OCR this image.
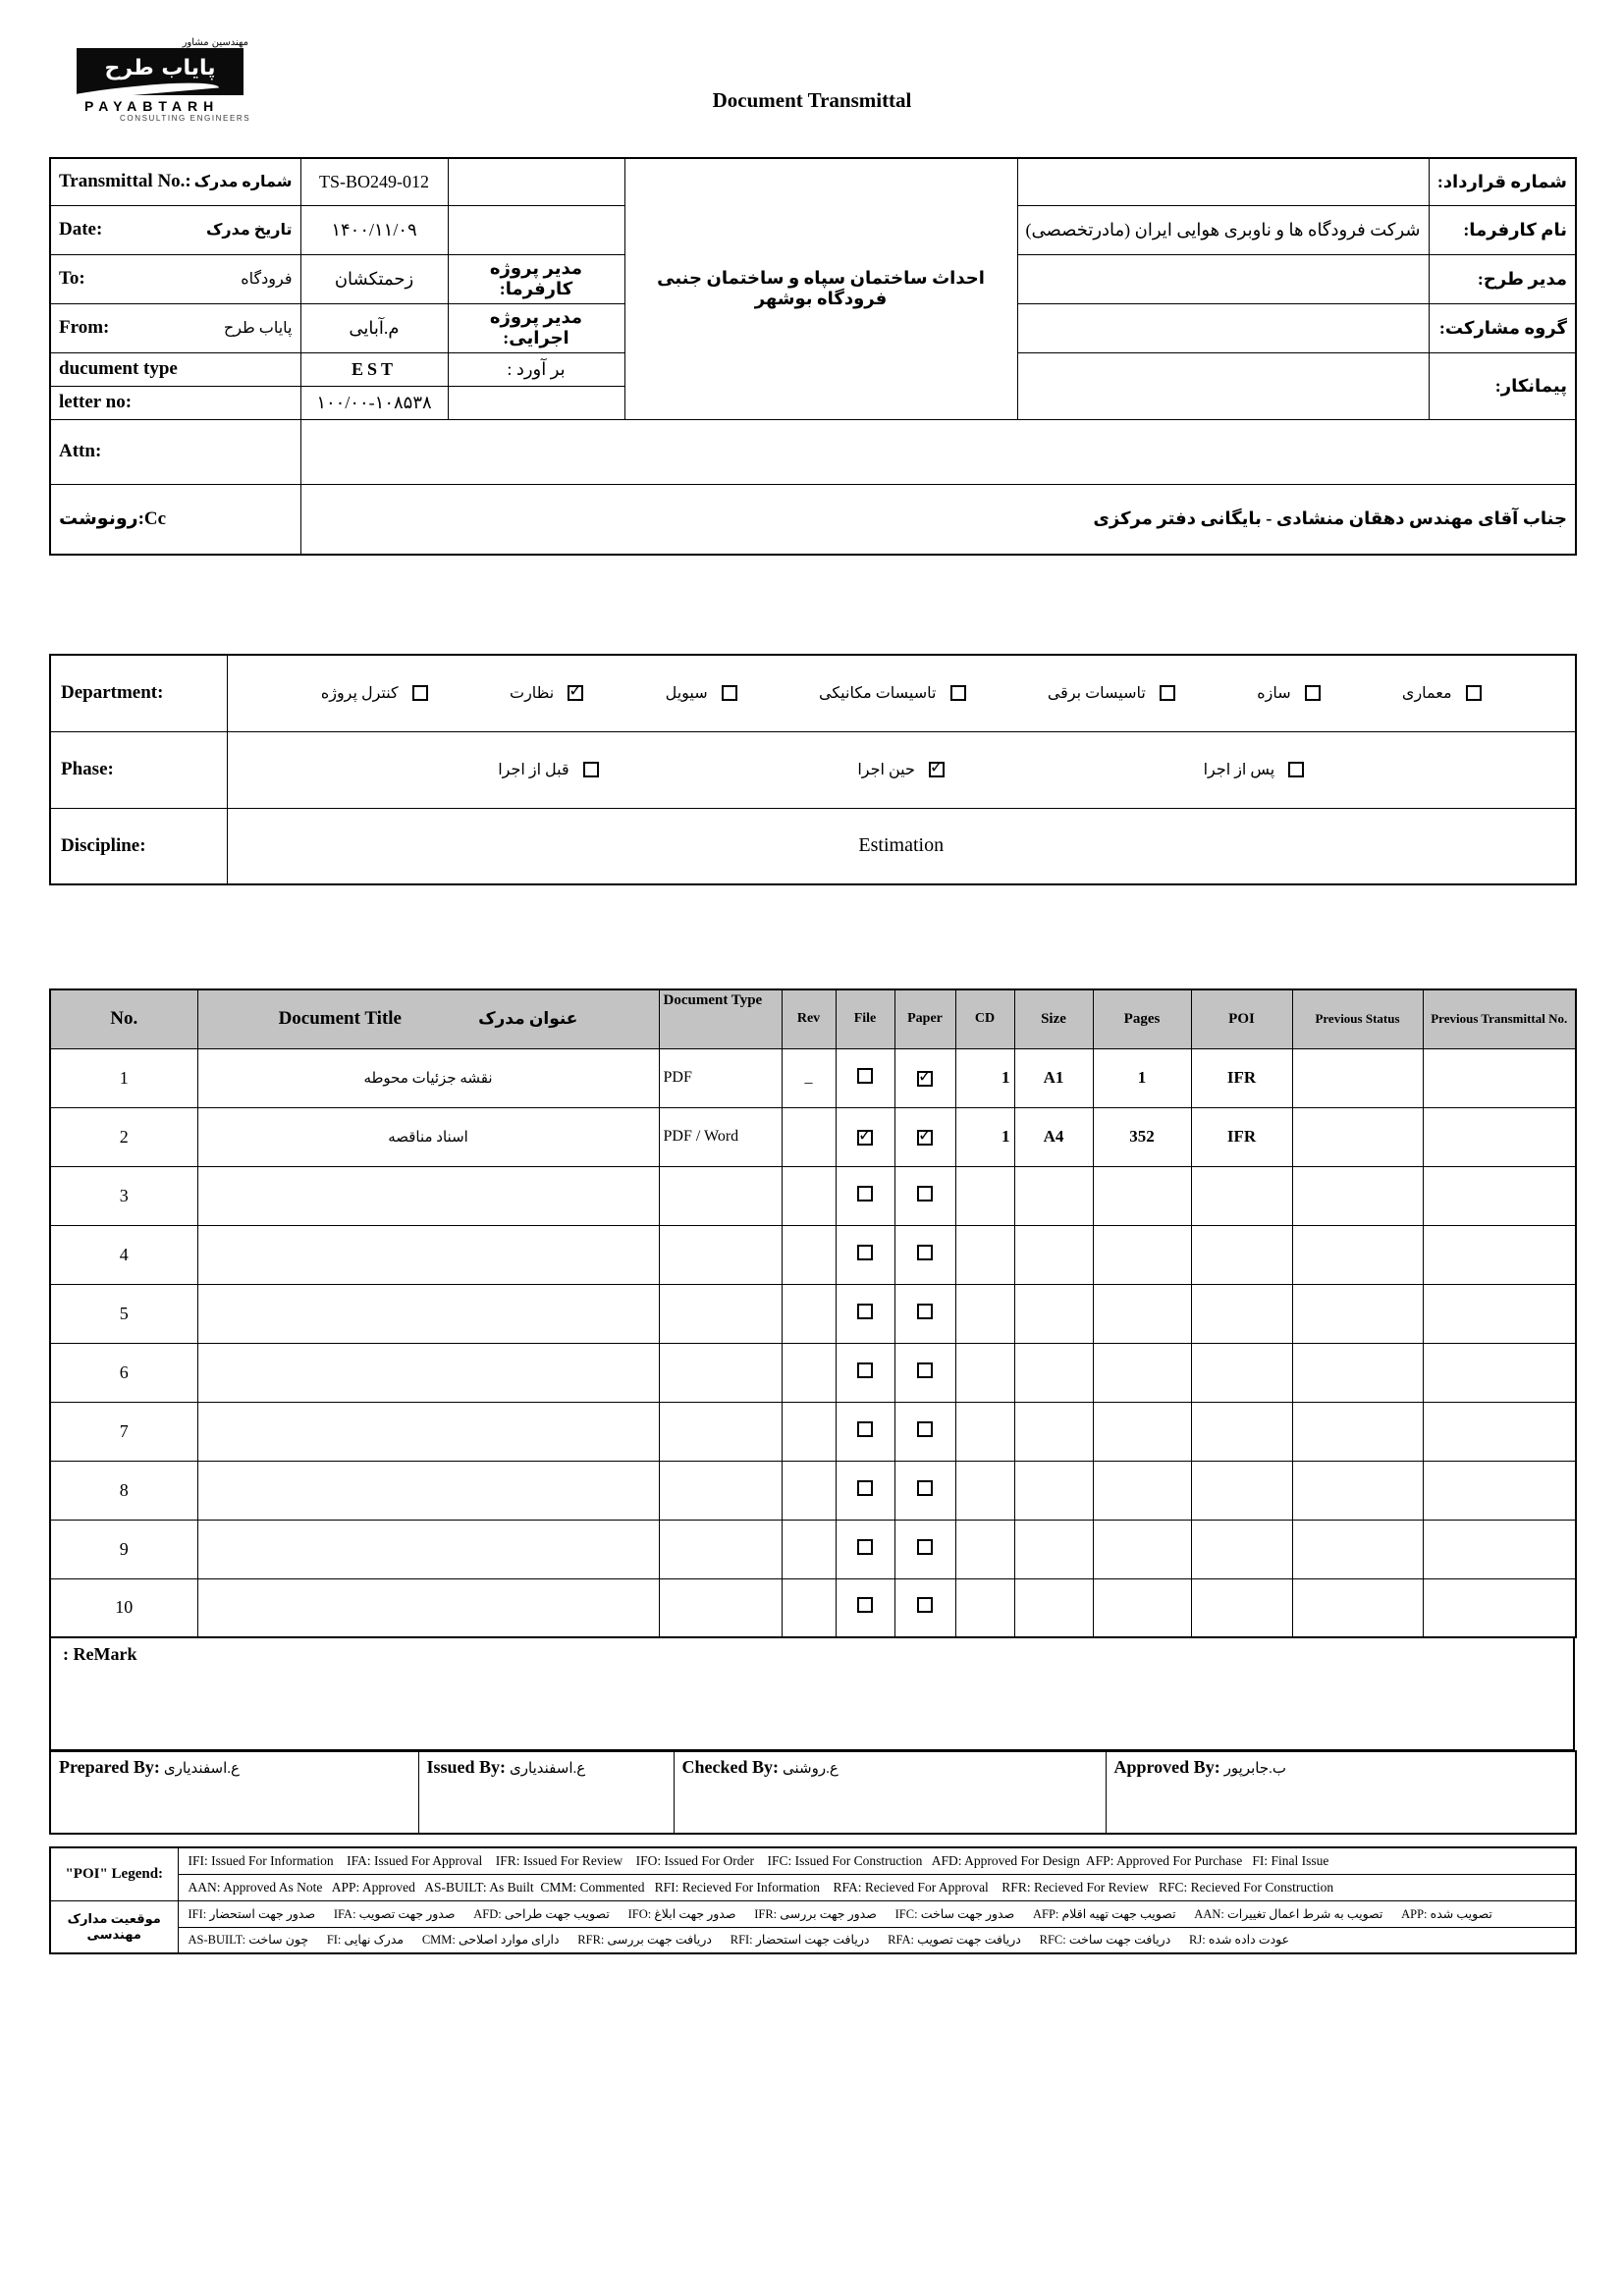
مهندسین مشاور
پایاب طرح
PAYABTARH
CONSULTING ENGINEERS
Document Transmittal
Transmittal No.: شماره مدرک	TS-BO249-012		احداث ساختمان سپاه و ساختمان جنبی فرودگاه بوشهر		شماره قرارداد:

Date: تاریخ مدرک	۱۴۰۰/۱۱/۰۹			شرکت فرودگاه ها و ناوبری هوایی ایران (مادرتخصصی)	نام کارفرما:

To: فرودگاه	زحمتکشان	مدیر پروژه کارفرما:			مدیر طرح:

From: پایاب طرح	م.آبایی	مدیر پروژه اجرایی:			گروه مشارکت:
ducument type	EST	: بر آورد			پیمانکار:
letter no:	۱۰۰/۰۰-۱۰۸۵۳۸				
Attn:					
رونوشت:Cc	جناب آقای مهندس دهقان منشادی - بایگانی دفتر مرکزی				
Department:	کنترل پروژه	نظارت ✓	سیویل	تاسیسات مکانیکی	تاسیسات برقی	سازه	معماری

Phase:	قبل از اجرا حین اجرا ✓ پس از اجرا

Discipline:	Estimation
No.	Document Title عنوان مدرک	Document Type	Rev	File	Paper	CD	Size	Pages	POI	Previous Status	Previous Transmittal No.
1	نقشه جزئیات محوطه	PDF	_		✓	1	A1	1	IFR		
2	اسناد مناقصه	PDF / Word		✓	✓	1	A4	352	IFR		
3											
4											
5											
6											
7											
8											
9											
10											
: ReMark
Prepared By: ع.اسفندیاری	Issued By: ع.اسفندیاری	Checked By: ع.روشنی	Approved By: ب.جابرپور
"POI" Legend:	IFI: Issued For Information    IFA: Issued For Approval    IFR: Issued For Review    IFO: Issued For Order    IFC: Issued For Construction   AFD: Approved For Design  AFP: Approved For Purchase   FI: Final Issue
	AAN: Approved As Note   APP: Approved   AS-BUILT: As Built  CMM: Commented   RFI: Recieved For Information    RFA: Recieved For Approval    RFR: Recieved For Review   RFC: Recieved For Construction
موقعیت مدارک مهندسی	IFI: صدور جهت استحضار      IFA: صدور جهت تصویب      AFD: تصویب جهت طراحی      IFO: صدور جهت ابلاغ      IFR: صدور جهت بررسی      IFC: صدور جهت ساخت      AFP: تصویب جهت تهیه اقلام      AAN: تصویب به شرط اعمال تغییرات      APP: تصویب شده
	AS-BUILT: چون ساخت      FI: مدرک نهایی      CMM: دارای موارد اصلاحی      RFR: دریافت جهت بررسی      RFI: دریافت جهت استحضار      RFA: دریافت جهت تصویب      RFC: دریافت جهت ساخت      RJ: عودت داده شده
